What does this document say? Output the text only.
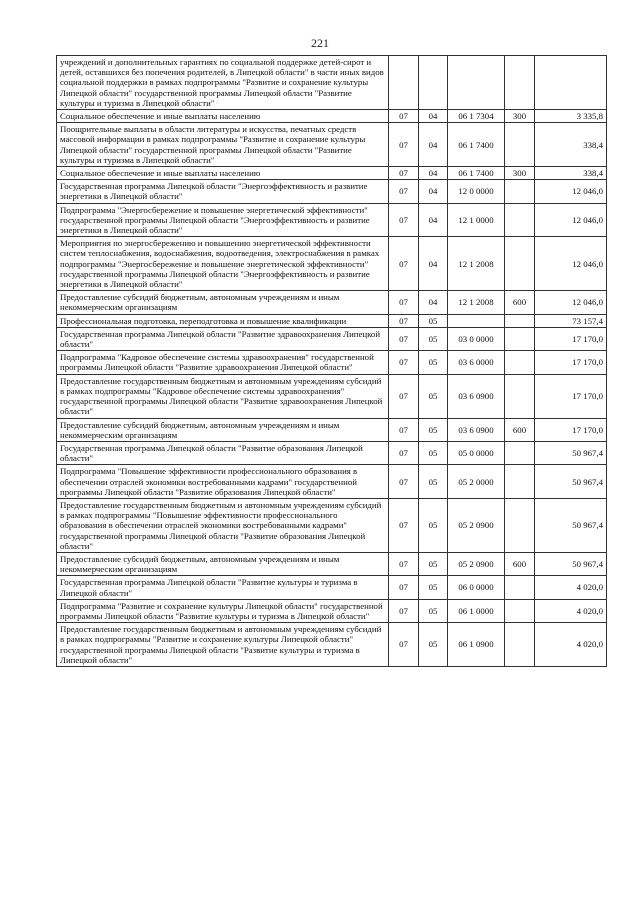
221
учреждений и дополнительных гарантиях по социальной поддержке детей-сирот и детей, оставшихся без попечения родителей, в Липецкой области" в части иных видов социальной поддержки в рамках подпрограммы "Развитие и сохранение культуры Липецкой области" государственной программы Липецкой области "Развитие культуры и туризма в Липецкой области"					
Социальное обеспечение и иные выплаты населению	07	04	06 1 7304	300	3 335,8
Поощрительные выплаты в области литературы и искусства, печатных средств массовой информации в рамках подпрограммы "Развитие и сохранение культуры Липецкой области" государственной программы Липецкой области "Развитие культуры и туризма в Липецкой области"	07	04	06 1 7400		338,4
Социальное обеспечение и иные выплаты населению	07	04	06 1 7400	300	338,4
Государственная программа Липецкой области "Энергоэффективность и развитие энергетики в Липецкой области"	07	04	12 0 0000		12 046,0
Подпрограмма "Энергосбережение и повышение энергетической эффективности" государственной программы Липецкой области "Энергоэффективность и развитие энергетики в Липецкой области"	07	04	12 1 0000		12 046,0
Мероприятия по энергосбережению и повышению энергетической эффективности систем теплоснабжения, водоснабжения, водоотведения, электроснабжения в рамках подпрограммы "Энергосбережение и повышение энергетической эффективности" государственной программы Липецкой области "Энергоэффективность и развитие энергетики в Липецкой области"	07	04	12 1 2008		12 046,0
Предоставление субсидий бюджетным, автономным учреждениям и иным некоммерческим организациям	07	04	12 1 2008	600	12 046,0
Профессиональная подготовка, переподготовка и повышение квалификации	07	05			73 157,4
Государственная программа Липецкой области "Развитие здравоохранения Липецкой области"	07	05	03 0 0000		17 170,0
Подпрограмма "Кадровое обеспечение системы здравоохранения" государственной программы Липецкой области "Развитие здравоохранения Липецкой области"	07	05	03 6 0000		17 170,0
Предоставление государственным бюджетным и автономным учреждениям субсидий в рамках подпрограммы "Кадровое обеспечение системы здравоохранения" государственной программы Липецкой области "Развитие здравоохранения Липецкой области"	07	05	03 6 0900		17 170,0
Предоставление субсидий бюджетным, автономным учреждениям и иным некоммерческим организациям	07	05	03 6 0900	600	17 170,0
Государственная программа Липецкой области "Развитие образования Липецкой области"	07	05	05 0 0000		50 967,4
Подпрограмма "Повышение эффективности профессионального образования в обеспечении отраслей экономики востребованными кадрами" государственной программы Липецкой области "Развитие образования Липецкой области"	07	05	05 2 0000		50 967,4
Предоставление государственным бюджетным и автономным учреждениям субсидий в рамках подпрограммы "Повышение эффективности профессионального образования в обеспечении отраслей экономики востребованными кадрами" государственной программы Липецкой области "Развитие образования Липецкой области"	07	05	05 2 0900		50 967,4
Предоставление субсидий бюджетным, автономным учреждениям и иным некоммерческим организациям	07	05	05 2 0900	600	50 967,4
Государственная программа Липецкой области "Развитие культуры и туризма в Липецкой области"	07	05	06 0 0000		4 020,0
Подпрограмма "Развитие и сохранение культуры Липецкой области" государственной программы Липецкой области "Развитие культуры и туризма в Липецкой области"	07	05	06 1 0000		4 020,0
Предоставление государственным бюджетным и автономным учреждениям субсидий в рамках подпрограммы "Развитие и сохранение культуры Липецкой области" государственной программы Липецкой области "Развитие культуры и туризма в Липецкой области"	07	05	06 1 0900		4 020,0
